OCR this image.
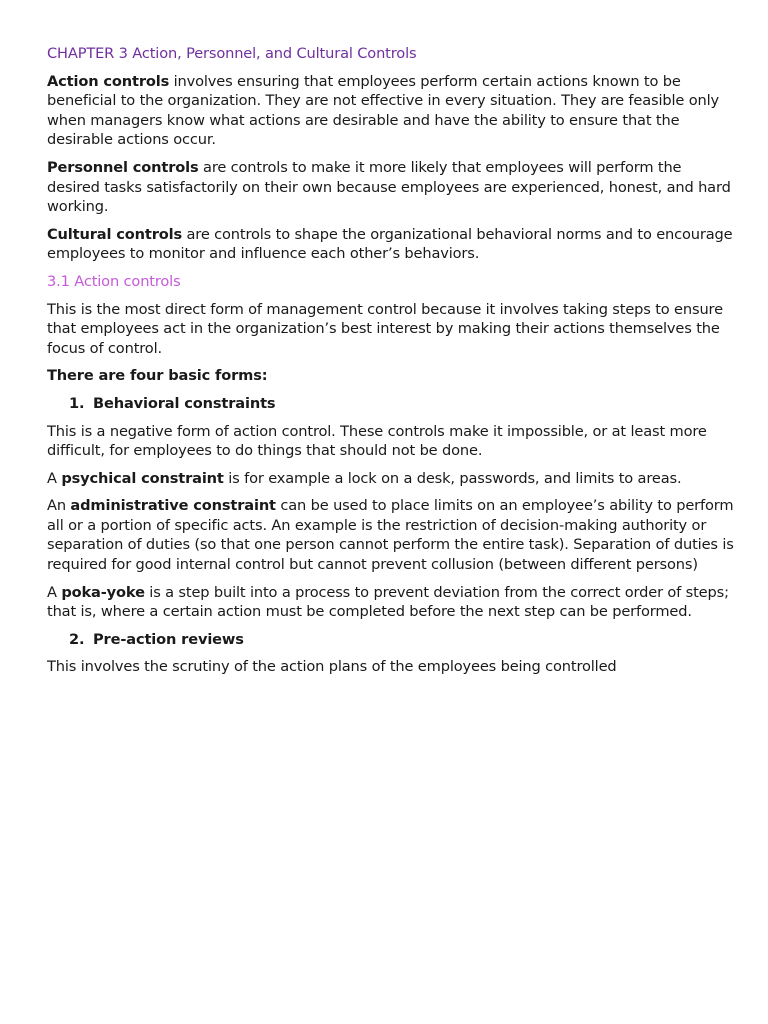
CHAPTER 3 Action, Personnel, and Cultural Controls

Action controls involves ensuring that employees perform certain actions known to be beneficial to the organization. They are not effective in every situation. They are feasible only when managers know what actions are desirable and have the ability to ensure that the desirable actions occur.

Personnel controls are controls to make it more likely that employees will perform the desired tasks satisfactorily on their own because employees are experienced, honest, and hard working.

Cultural controls are controls to shape the organizational behavioral norms and to encourage employees to monitor and influence each other’s behaviors.

3.1 Action controls

This is the most direct form of management control because it involves taking steps to ensure that employees act in the organization’s best interest by making their actions themselves the focus of control.

There are four basic forms:

1. Behavioral constraints

This is a negative form of action control. These controls make it impossible, or at least more difficult, for employees to do things that should not be done.

A psychical constraint is for example a lock on a desk, passwords, and limits to areas.

An administrative constraint can be used to place limits on an employee’s ability to perform all or a portion of specific acts. An example is the restriction of decision-making authority or separation of duties (so that one person cannot perform the entire task). Separation of duties is required for good internal control but cannot prevent collusion (between different persons)

A poka-yoke is a step built into a process to prevent deviation from the correct order of steps; that is, where a certain action must be completed before the next step can be performed.

2. Pre-action reviews

This involves the scrutiny of the action plans of the employees being controlled
